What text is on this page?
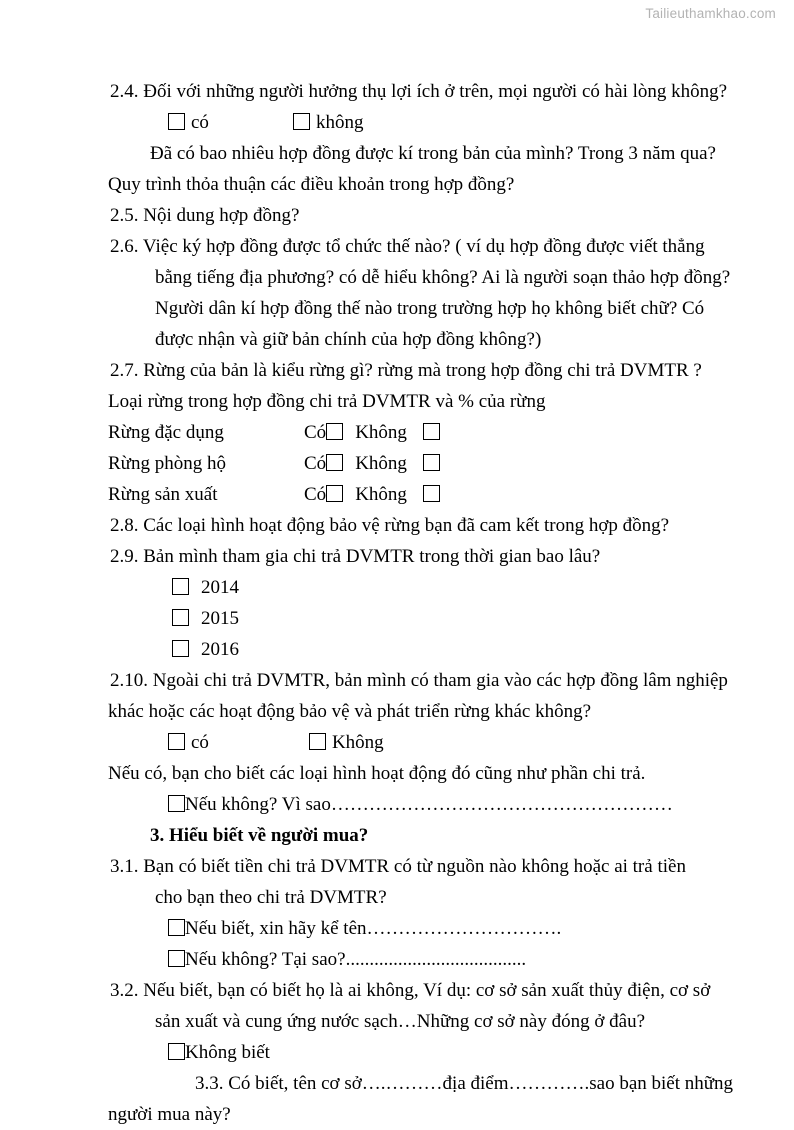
Tailieuthamkhao.com
2.4. Đối với những người hưởng thụ lợi ích ở trên, mọi người có hài lòng không?
có	không
Đã có bao nhiêu hợp đồng được kí trong bản của mình? Trong 3 năm qua?
Quy trình thỏa thuận các điều khoản trong hợp đồng?
2.5. Nội dung hợp đồng?
2.6. Việc ký hợp đồng được tổ chức thế nào? ( ví dụ hợp đồng được viết thẳng
bằng tiếng địa phương? có dễ hiểu không? Ai là người soạn thảo hợp đồng?
Người dân kí hợp đồng thế nào trong trường hợp họ không biết chữ? Có
được nhận và giữ bản chính của hợp đồng không?)
2.7. Rừng của bản là kiểu rừng gì? rừng mà trong hợp đồng chi trả DVMTR ?
Loại rừng trong hợp đồng chi trả DVMTR và % của rừng
Rừng đặc dụng	Có Không
Rừng phòng hộ	Có Không
Rừng sản xuất	Có Không
2.8. Các loại hình hoạt động bảo vệ rừng bạn đã cam kết trong hợp đồng?
2.9. Bản mình tham gia chi trả DVMTR trong thời gian bao lâu?
2014
2015
2016
2.10. Ngoài chi trả DVMTR, bản mình có tham gia vào các hợp đồng lâm nghiệp
khác hoặc các hoạt động bảo vệ và phát triển rừng khác không?
có	Không
Nếu có, bạn cho biết các loại hình hoạt động đó cũng như phần chi trả.
Nếu không? Vì sao………………………………………………
3. Hiểu biết về người mua?
3.1. Bạn có biết tiền chi trả DVMTR có từ nguồn nào không hoặc ai trả tiền
cho bạn theo chi trả DVMTR?
Nếu biết, xin hãy kể tên………………………….
Nếu không? Tại sao?......................................
3.2. Nếu biết, bạn có biết họ là ai không, Ví dụ: cơ sở sản xuất thủy điện, cơ sở
sản xuất và cung ứng nước sạch…Những cơ sở này đóng ở đâu?
Không biết
3.3. Có biết, tên cơ sở….………địa điểm………….sao bạn biết những
người mua này?
